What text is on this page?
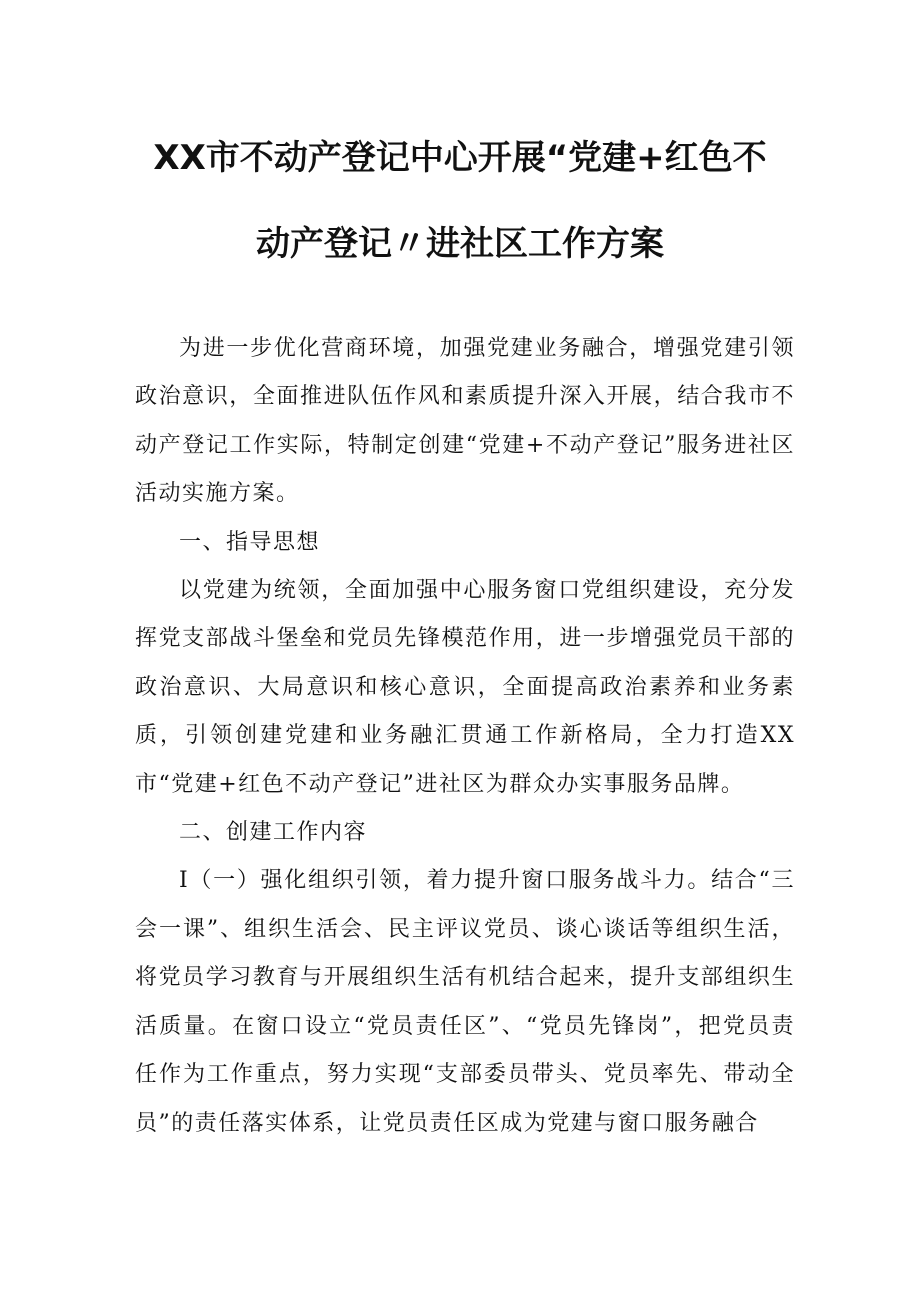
XX市不动产登记中心开展“党建+红色不
动产登记〃进社区工作方案

为进一步优化营商环境，加强党建业务融合，增强党建引领政治意识，全面推进队伍作风和素质提升深入开展，结合我市不动产登记工作实际，特制定创建“党建+不动产登记”服务进社区活动实施方案。

一、指导思想

以党建为统领，全面加强中心服务窗口党组织建设，充分发挥党支部战斗堡垒和党员先锋模范作用，进一步增强党员干部的政治意识、大局意识和核心意识，全面提高政治素养和业务素质，引领创建党建和业务融汇贯通工作新格局，全力打造XX市“党建+红色不动产登记”进社区为群众办实事服务品牌。

二、创建工作内容

I（一）强化组织引领，着力提升窗口服务战斗力。结合“三会一课”、组织生活会、民主评议党员、谈心谈话等组织生活，将党员学习教育与开展组织生活有机结合起来，提升支部组织生活质量。在窗口设立“党员责任区”、“党员先锋岗”，把党员责任作为工作重点，努力实现“支部委员带头、党员率先、带动全员”的责任落实体系，让党员责任区成为党建与窗口服务融合
